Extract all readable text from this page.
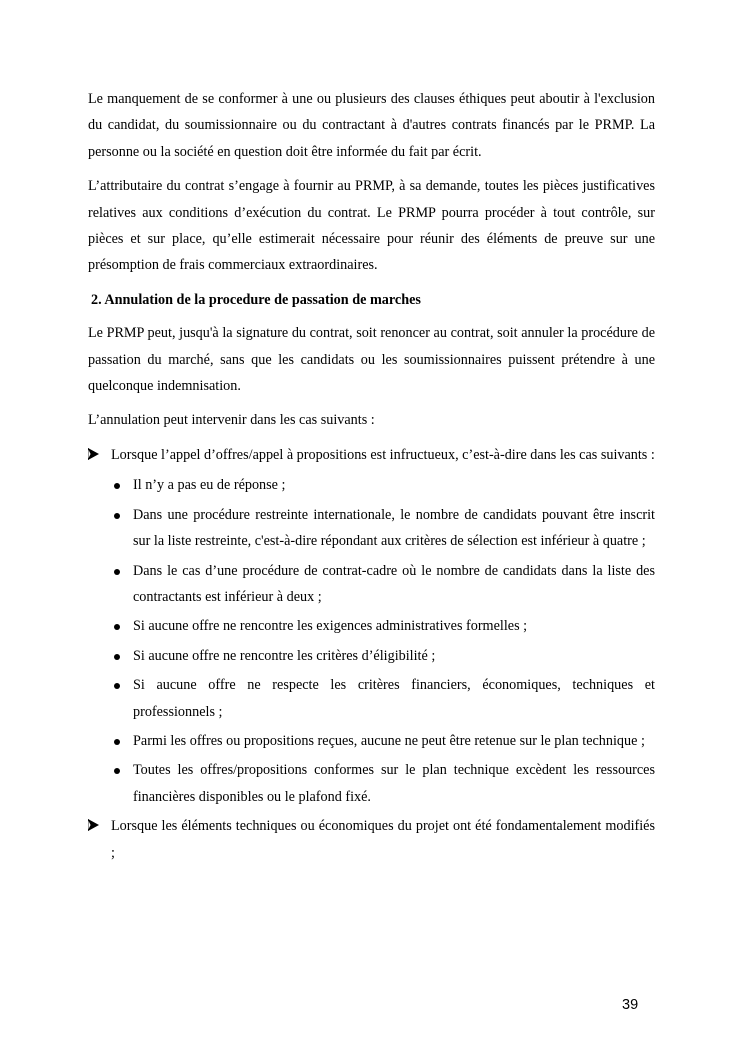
Le manquement de se conformer à une ou plusieurs des clauses éthiques peut aboutir à l'exclusion du candidat, du soumissionnaire ou du contractant à d'autres contrats financés par le PRMP. La personne ou la société en question doit être informée du fait par écrit.

L’attributaire du contrat s’engage à fournir au PRMP, à sa demande, toutes les pièces justificatives relatives aux conditions d’exécution du contrat. Le PRMP pourra procéder à tout contrôle, sur pièces et sur place, qu’elle estimerait nécessaire pour réunir des éléments de preuve sur une présomption de frais commerciaux extraordinaires.

2. Annulation de la procedure de passation de marches

Le PRMP peut, jusqu'à la signature du contrat, soit renoncer au contrat, soit annuler la procédure de passation du marché, sans que les candidats ou les soumissionnaires puissent prétendre à une quelconque indemnisation.

L’annulation peut intervenir dans les cas suivants :

Lorsque l’appel d’offres/appel à propositions est infructueux, c’est-à-dire dans les cas suivants :
Il n’y a pas eu de réponse ;
Dans une procédure restreinte internationale, le nombre de candidats pouvant être inscrit sur la liste restreinte, c'est-à-dire répondant aux critères de sélection est inférieur à quatre ;
Dans le cas d’une procédure de contrat-cadre où le nombre de candidats dans la liste des contractants est inférieur à deux ;
Si aucune offre ne rencontre les exigences administratives formelles ;
Si aucune offre ne rencontre les critères d’éligibilité ;
Si aucune offre ne respecte les critères financiers, économiques, techniques et professionnels ;
Parmi les offres ou propositions reçues, aucune ne peut être retenue sur le plan technique ;
Toutes les offres/propositions conformes sur le plan technique excèdent les ressources financières disponibles ou le plafond fixé.
Lorsque les éléments techniques ou économiques du projet ont été fondamentalement modifiés ;
39
